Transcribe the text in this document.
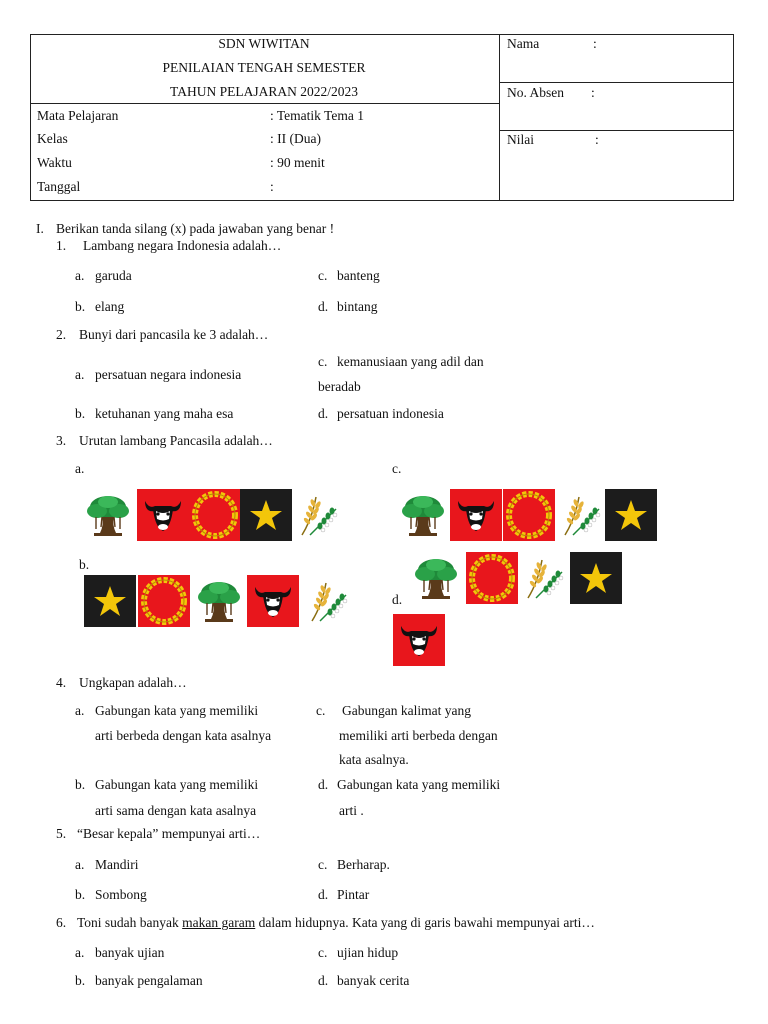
SDN WIWITAN
PENILAIAN TENGAH SEMESTER
TAHUN PELAJARAN 2022/2023
Mata Pelajaran	: Tematik Tema 1
Kelas	: II (Dua)
Waktu	: 90 menit
Tanggal	:
Nama	:
No. Absen :
Nilai	:
I. Berikan tanda silang (x) pada jawaban yang benar !
1. Lambang negara Indonesia adalah…
a. garuda	c. banteng
b. elang	d. bintang
2. Bunyi dari pancasila ke 3 adalah…
a. persatuan negara indonesia
c. kemanusiaan yang adil dan
beradab
b. ketuhanan yang maha esa	d. persatuan indonesia
3. Urutan lambang Pancasila adalah…
a.	c.
b.
d.
4. Ungkapan adalah…
a. Gabungan kata yang memiliki
arti berbeda dengan kata asalnya
c. Gabungan kalimat yang
memiliki arti berbeda dengan
kata asalnya.
b. Gabungan kata yang memiliki
arti sama dengan kata asalnya
d. Gabungan kata yang memiliki
arti .
5. “Besar kepala” mempunyai arti…
a. Mandiri	c. Berharap.
b. Sombong	d. Pintar
6. Toni sudah banyak makan garam dalam hidupnya. Kata yang di garis bawahi mempunyai arti…
a. banyak ujian	c. ujian hidup
b. banyak pengalaman	d. banyak cerita
